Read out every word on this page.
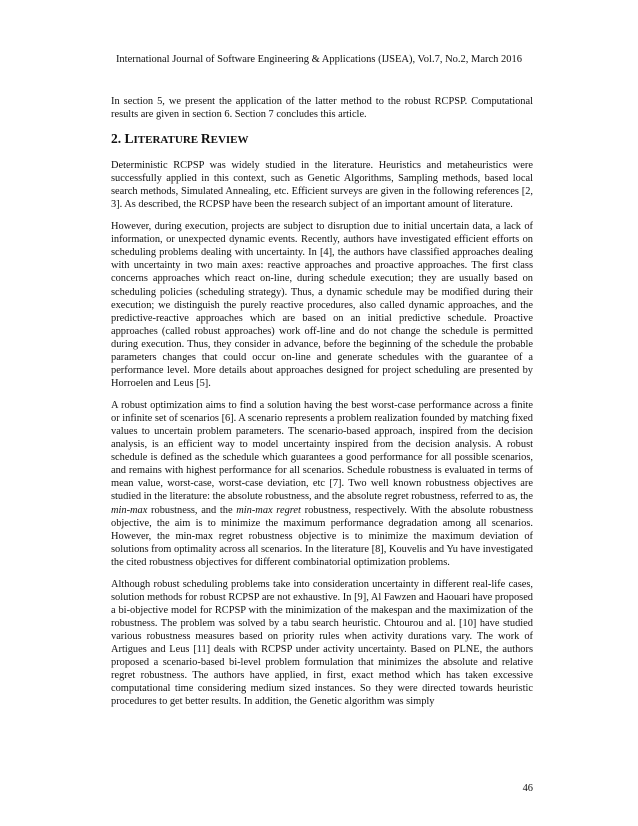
International Journal of Software Engineering & Applications (IJSEA), Vol.7, No.2, March 2016

In section 5, we present the application of the latter method to the robust RCPSP. Computational results are given in section 6. Section 7 concludes this article.

2. LITERATURE REVIEW

Deterministic RCPSP was widely studied in the literature. Heuristics and metaheuristics were successfully applied in this context, such as Genetic Algorithms, Sampling methods, based local search methods, Simulated Annealing, etc. Efficient surveys are given in the following references [2, 3]. As described, the RCPSP have been the research subject of an important amount of literature.

However, during execution, projects are subject to disruption due to initial uncertain data, a lack of information, or unexpected dynamic events. Recently, authors have investigated efficient efforts on scheduling problems dealing with uncertainty. In [4], the authors have classified approaches dealing with uncertainty in two main axes: reactive approaches and proactive approaches. The first class concerns approaches which react on-line, during schedule execution; they are usually based on scheduling policies (scheduling strategy). Thus, a dynamic schedule may be modified during their execution; we distinguish the purely reactive procedures, also called dynamic approaches, and the predictive-reactive approaches which are based on an initial predictive schedule. Proactive approaches (called robust approaches) work off-line and do not change the schedule is permitted during execution. Thus, they consider in advance, before the beginning of the schedule the probable parameters changes that could occur on-line and generate schedules with the guarantee of a performance level. More details about approaches designed for project scheduling are presented by Horroelen and Leus [5].

A robust optimization aims to find a solution having the best worst-case performance across a finite or infinite set of scenarios [6]. A scenario represents a problem realization founded by matching fixed values to uncertain problem parameters. The scenario-based approach, inspired from the decision analysis, is an efficient way to model uncertainty inspired from the decision analysis. A robust schedule is defined as the schedule which guarantees a good performance for all possible scenarios, and remains with highest performance for all scenarios. Schedule robustness is evaluated in terms of mean value, worst-case, worst-case deviation, etc [7]. Two well known robustness objectives are studied in the literature: the absolute robustness, and the absolute regret robustness, referred to as, the min-max robustness, and the min-max regret robustness, respectively. With the absolute robustness objective, the aim is to minimize the maximum performance degradation among all scenarios. However, the min-max regret robustness objective is to minimize the maximum deviation of solutions from optimality across all scenarios. In the literature [8], Kouvelis and Yu have investigated the cited robustness objectives for different combinatorial optimization problems.

Although robust scheduling problems take into consideration uncertainty in different real-life cases, solution methods for robust RCPSP are not exhaustive. In [9], Al Fawzen and Haouari have proposed a bi-objective model for RCPSP with the minimization of the makespan and the maximization of the robustness. The problem was solved by a tabu search heuristic. Chtourou and al. [10] have studied various robustness measures based on priority rules when activity durations vary. The work of Artigues and Leus [11] deals with RCPSP under activity uncertainty. Based on PLNE, the authors proposed a scenario-based bi-level problem formulation that minimizes the absolute and relative regret robustness. The authors have applied, in first, exact method which has taken excessive computational time considering medium sized instances. So they were directed towards heuristic procedures to get better results. In addition, the Genetic algorithm was simply

46
